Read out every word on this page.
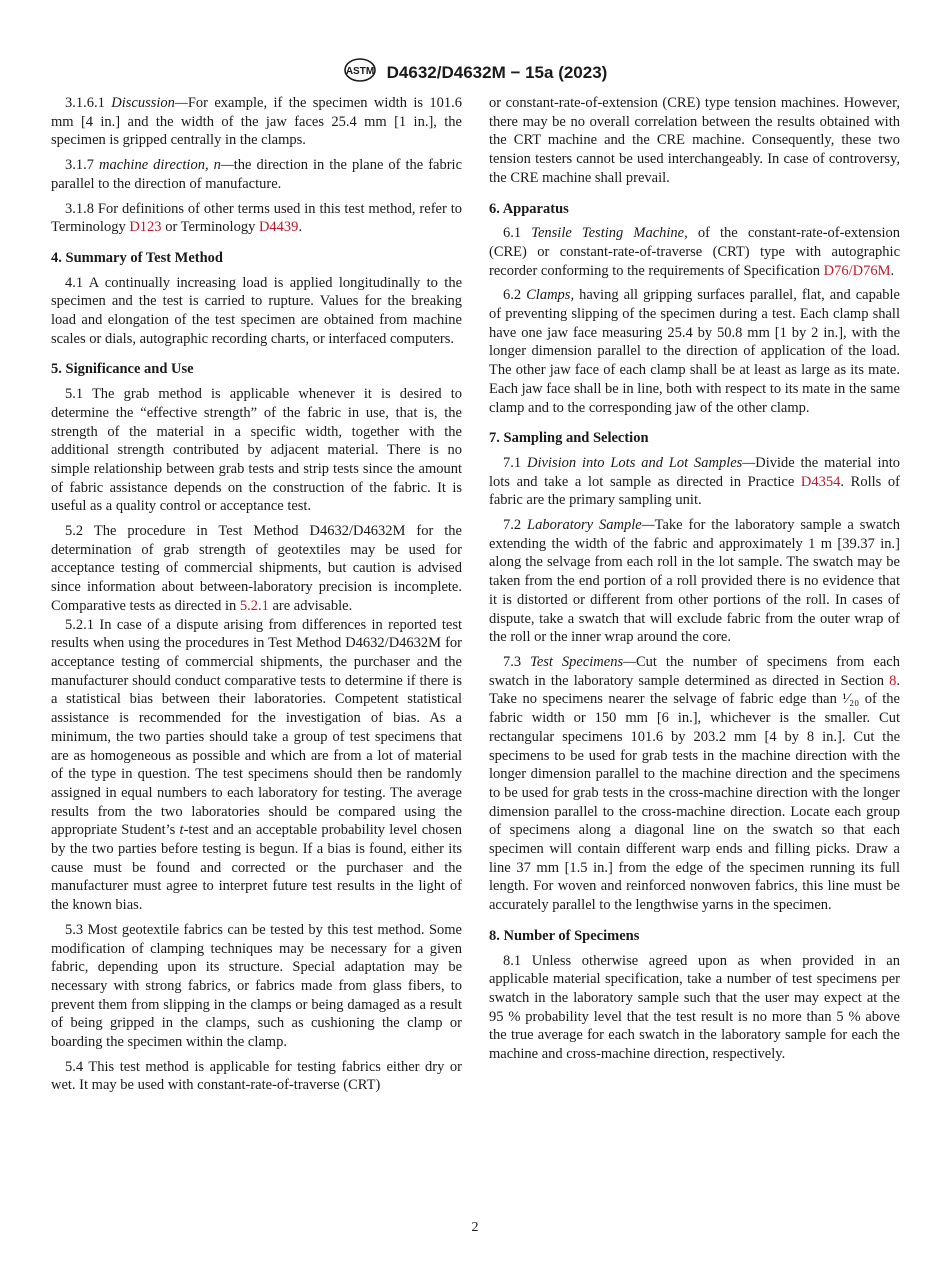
ASTM D4632/D4632M − 15a (2023)

3.1.6.1 Discussion—For example, if the specimen width is 101.6 mm [4 in.] and the width of the jaw faces 25.4 mm [1 in.], the specimen is gripped centrally in the clamps.

3.1.7 machine direction, n—the direction in the plane of the fabric parallel to the direction of manufacture.

3.1.8 For definitions of other terms used in this test method, refer to Terminology D123 or Terminology D4439.

4. Summary of Test Method

4.1 A continually increasing load is applied longitudinally to the specimen and the test is carried to rupture. Values for the breaking load and elongation of the test specimen are obtained from machine scales or dials, autographic recording charts, or interfaced computers.

5. Significance and Use

5.1 The grab method is applicable whenever it is desired to determine the “effective strength” of the fabric in use, that is, the strength of the material in a specific width, together with the additional strength contributed by adjacent material. There is no simple relationship between grab tests and strip tests since the amount of fabric assistance depends on the construction of the fabric. It is useful as a quality control or acceptance test.

5.2 The procedure in Test Method D4632/D4632M for the determination of grab strength of geotextiles may be used for acceptance testing of commercial shipments, but caution is advised since information about between-laboratory precision is incomplete. Comparative tests as directed in 5.2.1 are advisable.

5.2.1 In case of a dispute arising from differences in reported test results when using the procedures in Test Method D4632/D4632M for acceptance testing of commercial shipments, the purchaser and the manufacturer should conduct comparative tests to determine if there is a statistical bias between their laboratories. Competent statistical assistance is recommended for the investigation of bias. As a minimum, the two parties should take a group of test specimens that are as homogeneous as possible and which are from a lot of material of the type in question. The test specimens should then be randomly assigned in equal numbers to each laboratory for testing. The average results from the two laboratories should be compared using the appropriate Student’s t-test and an acceptable probability level chosen by the two parties before testing is begun. If a bias is found, either its cause must be found and corrected or the purchaser and the manufacturer must agree to interpret future test results in the light of the known bias.

5.3 Most geotextile fabrics can be tested by this test method. Some modification of clamping techniques may be necessary for a given fabric, depending upon its structure. Special adaptation may be necessary with strong fabrics, or fabrics made from glass fibers, to prevent them from slipping in the clamps or being damaged as a result of being gripped in the clamps, such as cushioning the clamp or boarding the specimen within the clamp.

5.4 This test method is applicable for testing fabrics either dry or wet. It may be used with constant-rate-of-traverse (CRT)

or constant-rate-of-extension (CRE) type tension machines. However, there may be no overall correlation between the results obtained with the CRT machine and the CRE machine. Consequently, these two tension testers cannot be used interchangeably. In case of controversy, the CRE machine shall prevail.

6. Apparatus

6.1 Tensile Testing Machine, of the constant-rate-of-extension (CRE) or constant-rate-of-traverse (CRT) type with autographic recorder conforming to the requirements of Specification D76/D76M.

6.2 Clamps, having all gripping surfaces parallel, flat, and capable of preventing slipping of the specimen during a test. Each clamp shall have one jaw face measuring 25.4 by 50.8 mm [1 by 2 in.], with the longer dimension parallel to the direction of application of the load. The other jaw face of each clamp shall be at least as large as its mate. Each jaw face shall be in line, both with respect to its mate in the same clamp and to the corresponding jaw of the other clamp.

7. Sampling and Selection

7.1 Division into Lots and Lot Samples—Divide the material into lots and take a lot sample as directed in Practice D4354. Rolls of fabric are the primary sampling unit.

7.2 Laboratory Sample—Take for the laboratory sample a swatch extending the width of the fabric and approximately 1 m [39.37 in.] along the selvage from each roll in the lot sample. The swatch may be taken from the end portion of a roll provided there is no evidence that it is distorted or different from other portions of the roll. In cases of dispute, take a swatch that will exclude fabric from the outer wrap of the roll or the inner wrap around the core.

7.3 Test Specimens—Cut the number of specimens from each swatch in the laboratory sample determined as directed in Section 8. Take no specimens nearer the selvage of fabric edge than ¹⁄₂₀ of the fabric width or 150 mm [6 in.], whichever is the smaller. Cut rectangular specimens 101.6 by 203.2 mm [4 by 8 in.]. Cut the specimens to be used for grab tests in the machine direction with the longer dimension parallel to the machine direction and the specimens to be used for grab tests in the cross-machine direction with the longer dimension parallel to the cross-machine direction. Locate each group of specimens along a diagonal line on the swatch so that each specimen will contain different warp ends and filling picks. Draw a line 37 mm [1.5 in.] from the edge of the specimen running its full length. For woven and reinforced nonwoven fabrics, this line must be accurately parallel to the lengthwise yarns in the specimen.

8. Number of Specimens

8.1 Unless otherwise agreed upon as when provided in an applicable material specification, take a number of test specimens per swatch in the laboratory sample such that the user may expect at the 95 % probability level that the test result is no more than 5 % above the true average for each swatch in the laboratory sample for each the machine and cross-machine direction, respectively.

2
